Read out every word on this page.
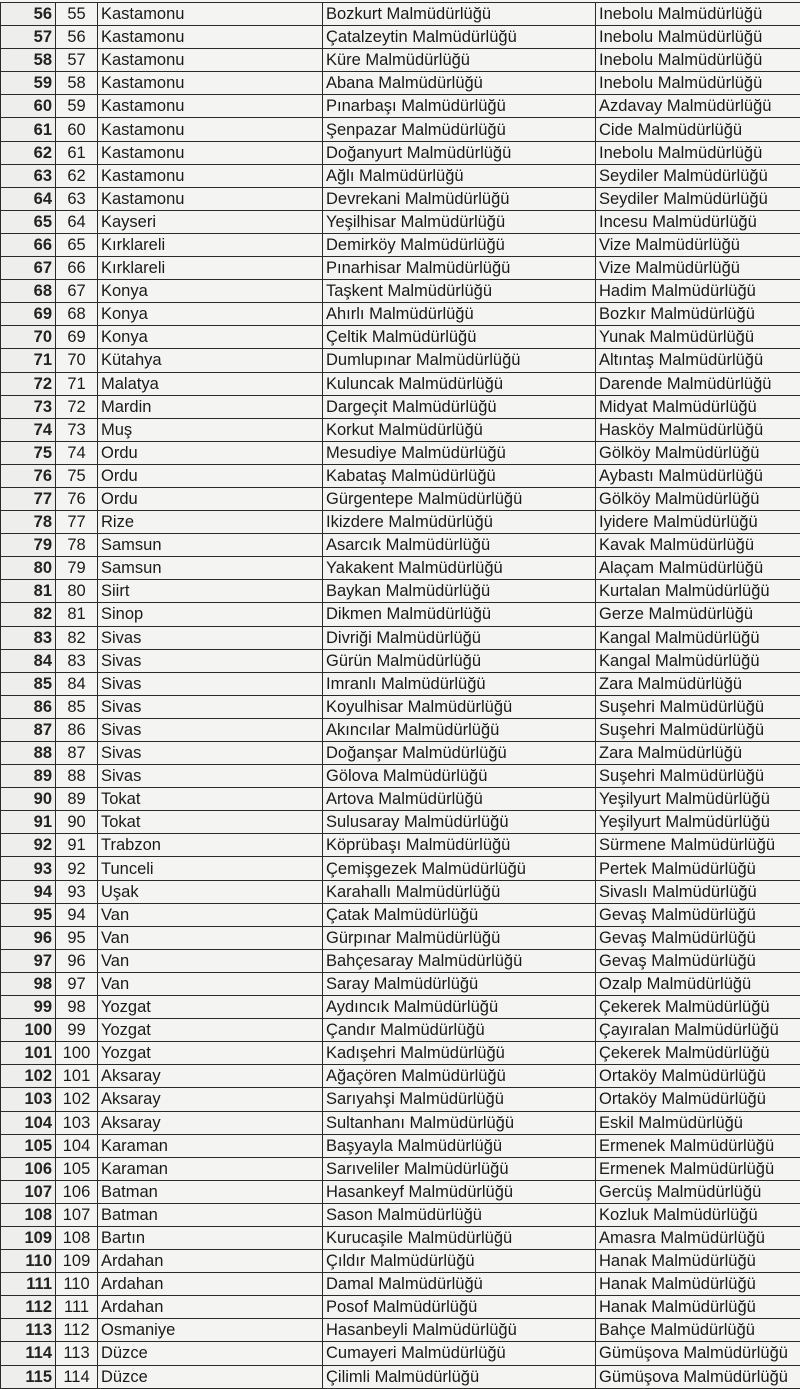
56	55	Kastamonu	Bozkurt Malmüdürlüğü	Inebolu Malmüdürlüğü
57	56	Kastamonu	Çatalzeytin Malmüdürlüğü	Inebolu Malmüdürlüğü
58	57	Kastamonu	Küre Malmüdürlüğü	Inebolu Malmüdürlüğü
59	58	Kastamonu	Abana Malmüdürlüğü	Inebolu Malmüdürlüğü
60	59	Kastamonu	Pınarbaşı Malmüdürlüğü	Azdavay Malmüdürlüğü
61	60	Kastamonu	Şenpazar Malmüdürlüğü	Cide Malmüdürlüğü
62	61	Kastamonu	Doğanyurt Malmüdürlüğü	Inebolu Malmüdürlüğü
63	62	Kastamonu	Ağlı Malmüdürlüğü	Seydiler Malmüdürlüğü
64	63	Kastamonu	Devrekani Malmüdürlüğü	Seydiler Malmüdürlüğü
65	64	Kayseri	Yeşilhisar Malmüdürlüğü	Incesu Malmüdürlüğü
66	65	Kırklareli	Demirköy Malmüdürlüğü	Vize Malmüdürlüğü
67	66	Kırklareli	Pınarhisar Malmüdürlüğü	Vize Malmüdürlüğü
68	67	Konya	Taşkent Malmüdürlüğü	Hadim Malmüdürlüğü
69	68	Konya	Ahırlı Malmüdürlüğü	Bozkır Malmüdürlüğü
70	69	Konya	Çeltik Malmüdürlüğü	Yunak Malmüdürlüğü
71	70	Kütahya	Dumlupınar Malmüdürlüğü	Altıntaş Malmüdürlüğü
72	71	Malatya	Kuluncak Malmüdürlüğü	Darende Malmüdürlüğü
73	72	Mardin	Dargeçit Malmüdürlüğü	Midyat Malmüdürlüğü
74	73	Muş	Korkut Malmüdürlüğü	Hasköy Malmüdürlüğü
75	74	Ordu	Mesudiye Malmüdürlüğü	Gölköy Malmüdürlüğü
76	75	Ordu	Kabataş Malmüdürlüğü	Aybastı Malmüdürlüğü
77	76	Ordu	Gürgentepe Malmüdürlüğü	Gölköy Malmüdürlüğü
78	77	Rize	Ikizdere Malmüdürlüğü	Iyidere Malmüdürlüğü
79	78	Samsun	Asarcık Malmüdürlüğü	Kavak Malmüdürlüğü
80	79	Samsun	Yakakent Malmüdürlüğü	Alaçam Malmüdürlüğü
81	80	Siirt	Baykan Malmüdürlüğü	Kurtalan Malmüdürlüğü
82	81	Sinop	Dikmen Malmüdürlüğü	Gerze Malmüdürlüğü
83	82	Sivas	Divriği Malmüdürlüğü	Kangal Malmüdürlüğü
84	83	Sivas	Gürün Malmüdürlüğü	Kangal Malmüdürlüğü
85	84	Sivas	Imranlı Malmüdürlüğü	Zara Malmüdürlüğü
86	85	Sivas	Koyulhisar Malmüdürlüğü	Suşehri Malmüdürlüğü
87	86	Sivas	Akıncılar Malmüdürlüğü	Suşehri Malmüdürlüğü
88	87	Sivas	Doğanşar Malmüdürlüğü	Zara Malmüdürlüğü
89	88	Sivas	Gölova Malmüdürlüğü	Suşehri Malmüdürlüğü
90	89	Tokat	Artova Malmüdürlüğü	Yeşilyurt Malmüdürlüğü
91	90	Tokat	Sulusaray Malmüdürlüğü	Yeşilyurt Malmüdürlüğü
92	91	Trabzon	Köprübaşı Malmüdürlüğü	Sürmene Malmüdürlüğü
93	92	Tunceli	Çemişgezek Malmüdürlüğü	Pertek Malmüdürlüğü
94	93	Uşak	Karahallı Malmüdürlüğü	Sivaslı Malmüdürlüğü
95	94	Van	Çatak Malmüdürlüğü	Gevaş Malmüdürlüğü
96	95	Van	Gürpınar Malmüdürlüğü	Gevaş Malmüdürlüğü
97	96	Van	Bahçesaray Malmüdürlüğü	Gevaş Malmüdürlüğü
98	97	Van	Saray Malmüdürlüğü	Ozalp Malmüdürlüğü
99	98	Yozgat	Aydıncık Malmüdürlüğü	Çekerek Malmüdürlüğü
100	99	Yozgat	Çandır Malmüdürlüğü	Çayıralan Malmüdürlüğü
101	100	Yozgat	Kadışehri Malmüdürlüğü	Çekerek Malmüdürlüğü
102	101	Aksaray	Ağaçören Malmüdürlüğü	Ortaköy Malmüdürlüğü
103	102	Aksaray	Sarıyahşi Malmüdürlüğü	Ortaköy Malmüdürlüğü
104	103	Aksaray	Sultanhanı Malmüdürlüğü	Eskil Malmüdürlüğü
105	104	Karaman	Başyayla Malmüdürlüğü	Ermenek Malmüdürlüğü
106	105	Karaman	Sarıveliler Malmüdürlüğü	Ermenek Malmüdürlüğü
107	106	Batman	Hasankeyf Malmüdürlüğü	Gercüş Malmüdürlüğü
108	107	Batman	Sason Malmüdürlüğü	Kozluk Malmüdürlüğü
109	108	Bartın	Kurucaşile Malmüdürlüğü	Amasra Malmüdürlüğü
110	109	Ardahan	Çıldır Malmüdürlüğü	Hanak Malmüdürlüğü
111	110	Ardahan	Damal Malmüdürlüğü	Hanak Malmüdürlüğü
112	111	Ardahan	Posof Malmüdürlüğü	Hanak Malmüdürlüğü
113	112	Osmaniye	Hasanbeyli Malmüdürlüğü	Bahçe Malmüdürlüğü
114	113	Düzce	Cumayeri Malmüdürlüğü	Gümüşova Malmüdürlüğü
115	114	Düzce	Çilimli Malmüdürlüğü	Gümüşova Malmüdürlüğü
